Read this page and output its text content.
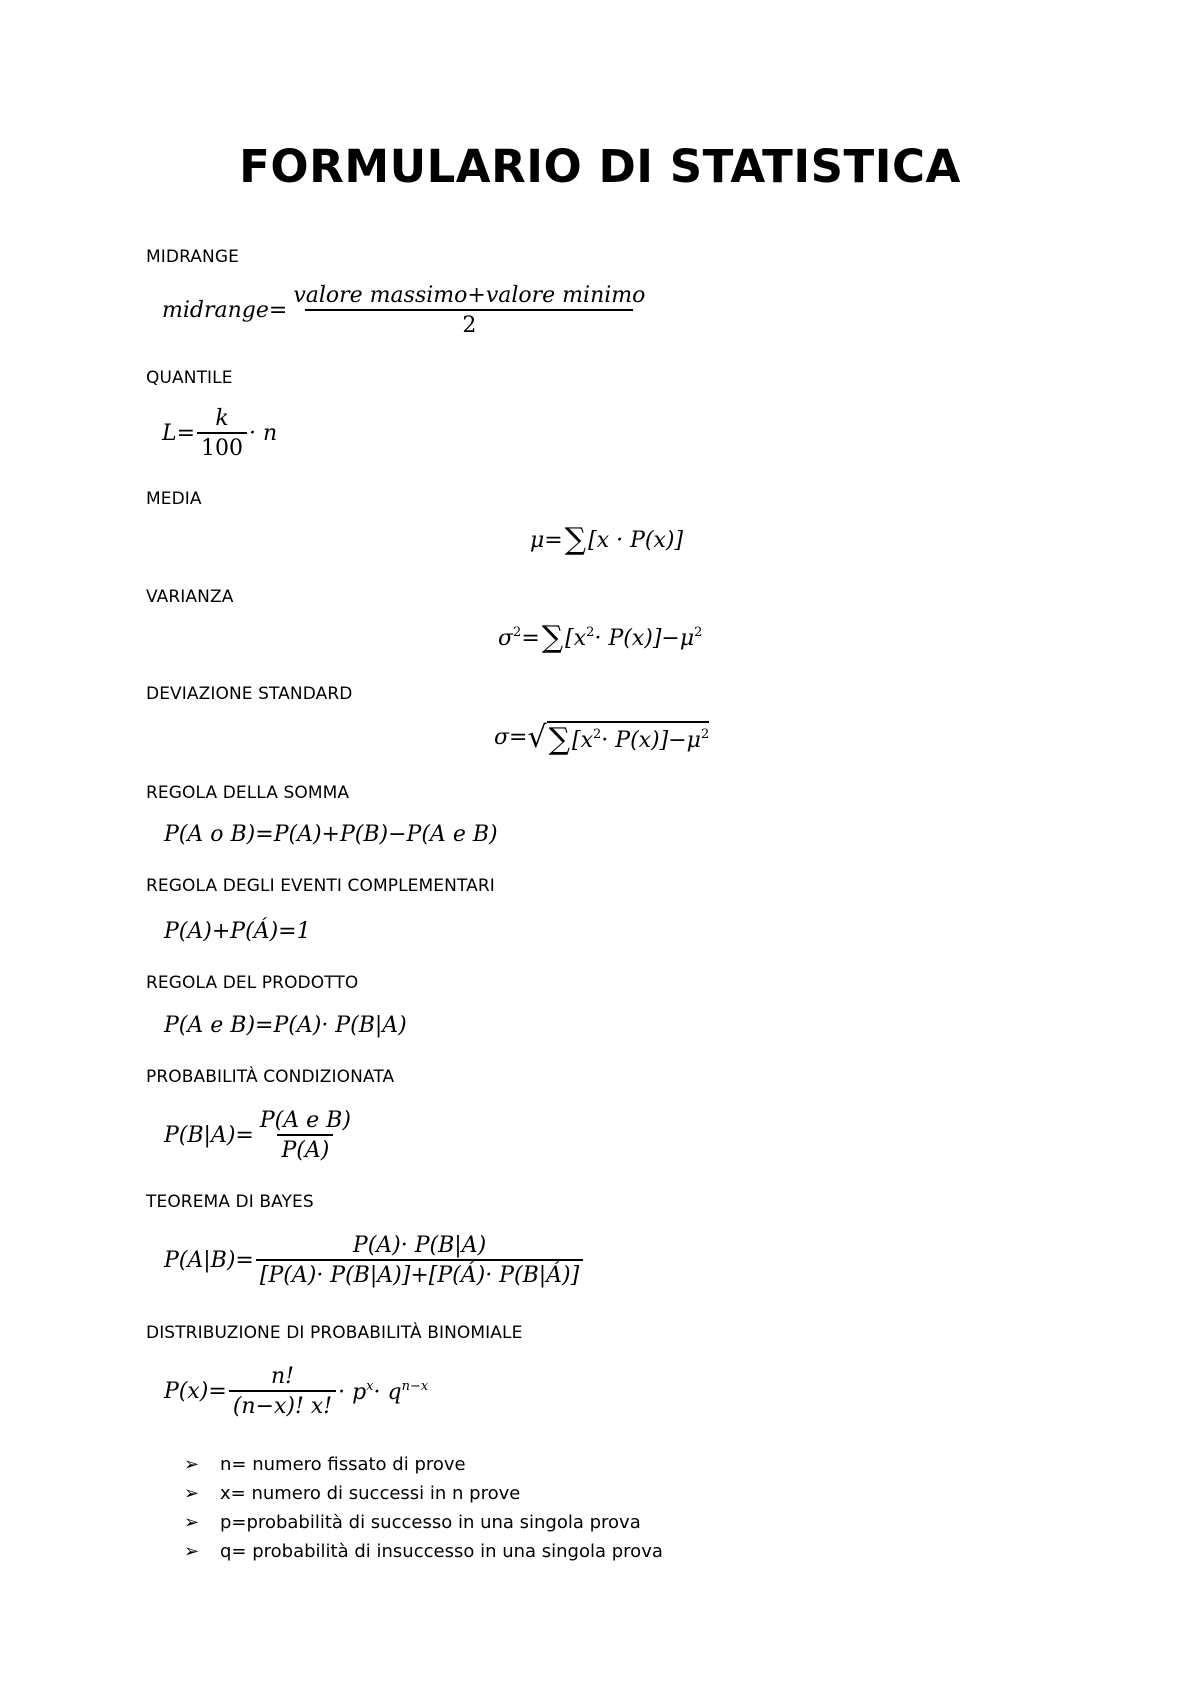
FORMULARIO DI STATISTICA
MIDRANGE
midrange= $\frac{\text{valore massimo+valore minimo}}{2}$
QUANTILE
$L= \frac{k}{100} \cdot n$
MEDIA
μ= ∑ [x · P(x)]
VARIANZA
$\sigma^2$ = ∑ $[x^2 \cdot P(x)]-\mu^2$
DEVIAZIONE STANDARD
σ= √ ∑ $[x^2 \cdot P(x)]-\mu^2$
REGOLA DELLA SOMMA
P(A o B)=P(A)+P(B)−P(A e B)
REGOLA DEGLI EVENTI COMPLEMENTARI
P(A)+P(Á)=1
REGOLA DEL PRODOTTO
P(A e B)=P(A)· P(B|A)
PROBABILITÀ CONDIZIONATA
$P(B|A)= \frac{\text{P(A e B)}}{P(A)}$
TEOREMA DI BAYES
$P(A|B)= \frac{P(A)\cdot P(B|A)}{[P(A)\cdot P(B|A)]+[P(Á)\cdot P(B|Á)]}$
DISTRIBUZIONE DI PROBABILITÀ BINOMIALE
$P(x)= \frac{n!}{(n-x)! x!} \cdot p^x \cdot q^{n-x}$
➢	n= numero fissato di prove
➢	x= numero di successi in n prove
➢	p=probabilità di successo in una singola prova
➢	q= probabilità di insuccesso in una singola prova
